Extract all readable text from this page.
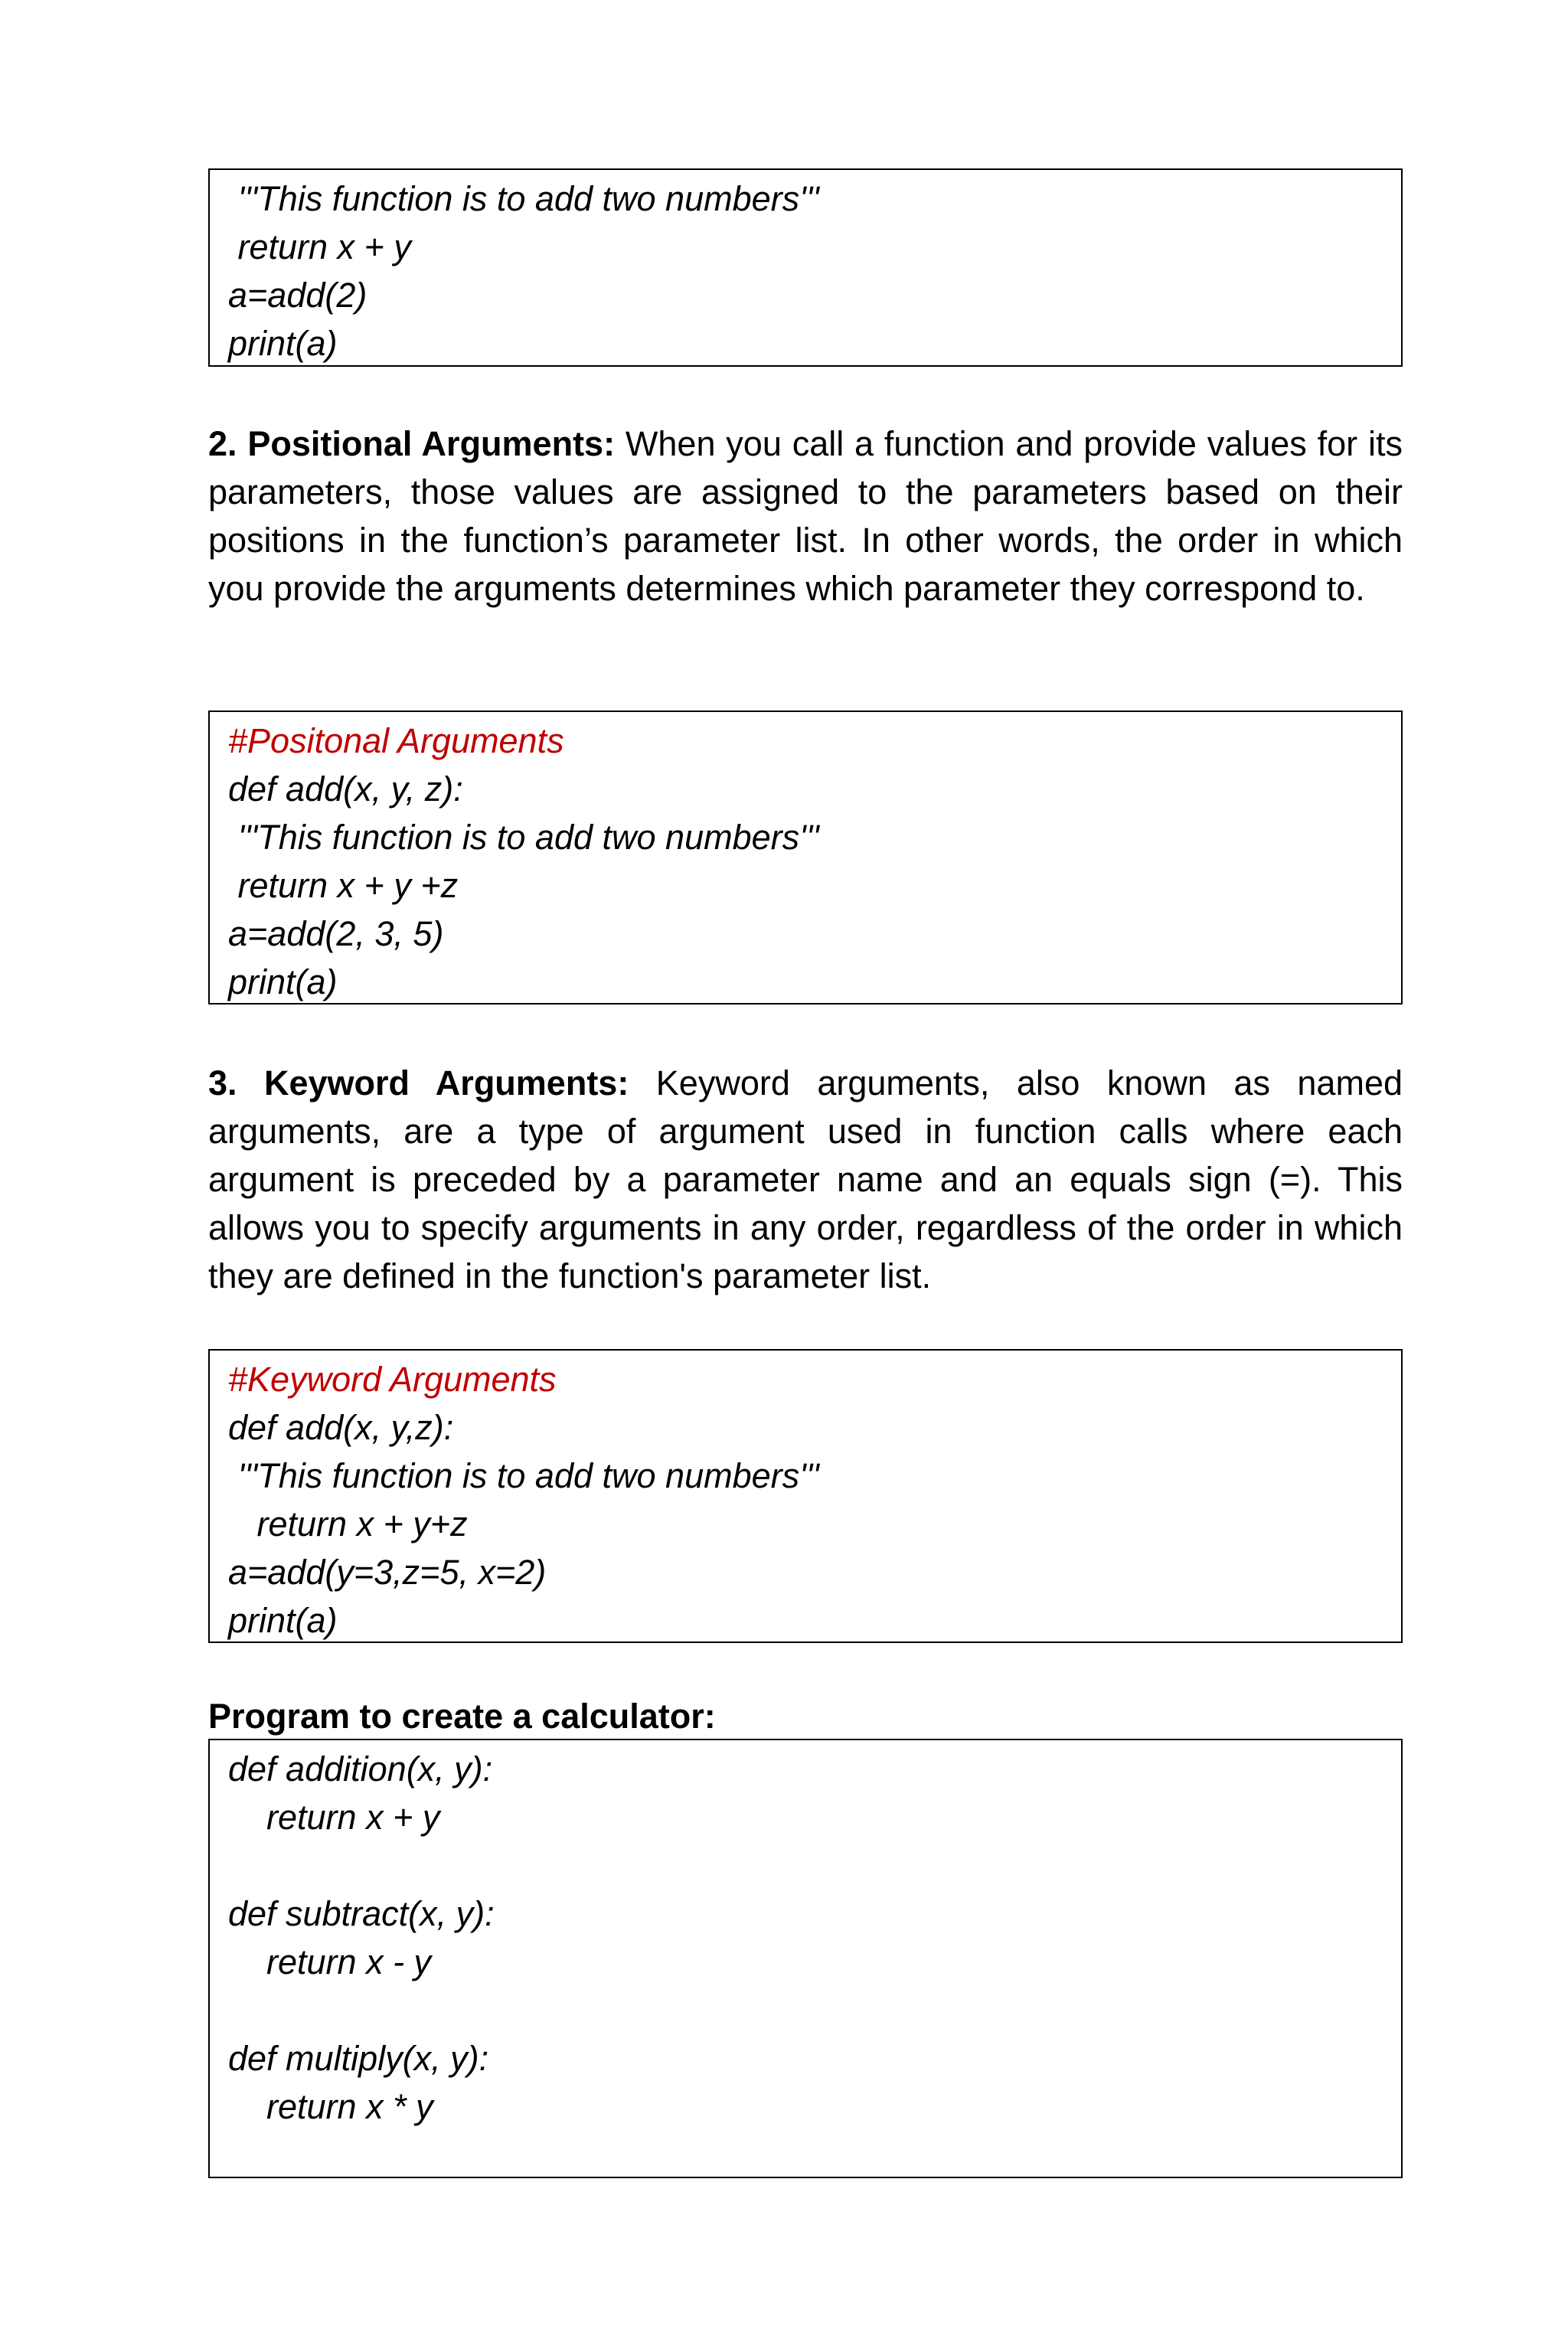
'''This function is to add two numbers'''
return x + y
a=add(2)
print(a)
2. Positional Arguments: When you call a function and provide values for its parameters, those values are assigned to the parameters based on their positions in the function’s parameter list. In other words, the order in which you provide the arguments determines which parameter they correspond to.
#Positonal Arguments
def add(x, y, z):
'''This function is to add two numbers'''
return x + y +z
a=add(2, 3, 5)
print(a)
3. Keyword Arguments: Keyword arguments, also known as named arguments, are a type of argument used in function calls where each argument is preceded by a parameter name and an equals sign (=). This allows you to specify arguments in any order, regardless of the order in which they are defined in the function's parameter list.
#Keyword Arguments
def add(x, y,z):
'''This function is to add two numbers'''
return x + y+z
a=add(y=3,z=5, x=2)
print(a)
Program to create a calculator:
def addition(x, y):
return x + y
def subtract(x, y):
return x - y
def multiply(x, y):
return x * y
